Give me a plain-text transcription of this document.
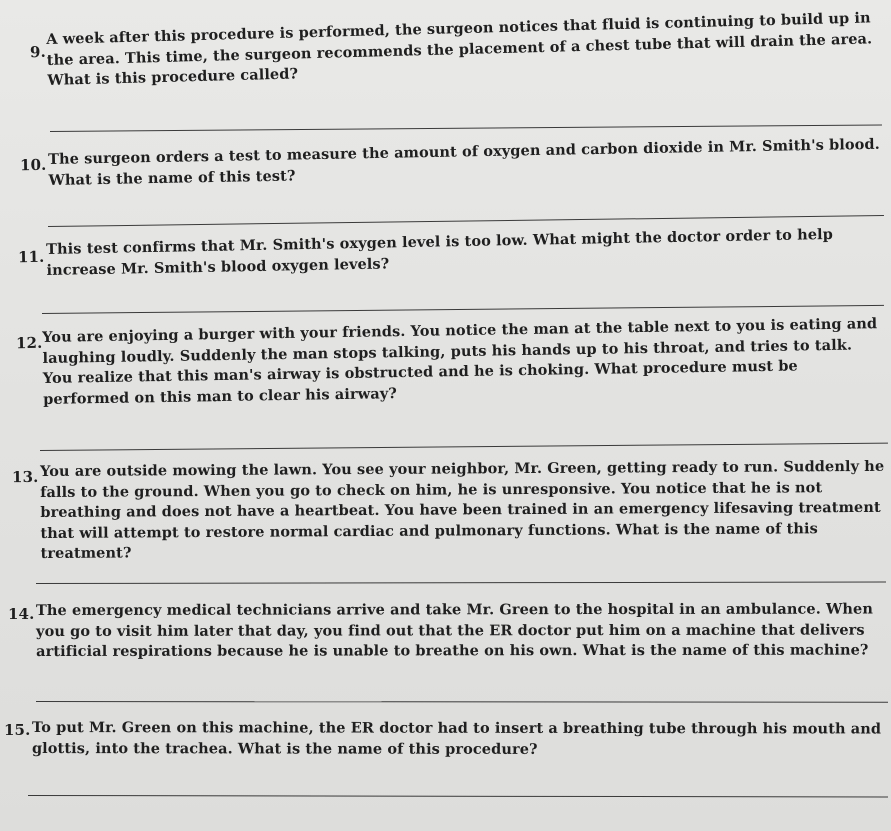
9.
A week after this procedure is performed, the surgeon notices that fluid is continuing to build up in the area. This time, the surgeon recommends the placement of a chest tube that will drain the area. What is this procedure called?
10. The surgeon orders a test to measure the amount of oxygen and carbon dioxide in Mr. Smith's blood. What is the name of this test?
11. This test confirms that Mr. Smith's oxygen level is too low. What might the doctor order to help increase Mr. Smith's blood oxygen levels?
12. You are enjoying a burger with your friends. You notice the man at the table next to you is eating and laughing loudly. Suddenly the man stops talking, puts his hands up to his throat, and tries to talk. You realize that this man's airway is obstructed and he is choking. What procedure must be performed on this man to clear his airway?
13. You are outside mowing the lawn. You see your neighbor, Mr. Green, getting ready to run. Suddenly he falls to the ground. When you go to check on him, he is unresponsive. You notice that he is not breathing and does not have a heartbeat. You have been trained in an emergency lifesaving treatment that will attempt to restore normal cardiac and pulmonary functions. What is the name of this treatment?
14. The emergency medical technicians arrive and take Mr. Green to the hospital in an ambulance. When you go to visit him later that day, you find out that the ER doctor put him on a machine that delivers artificial respirations because he is unable to breathe on his own. What is the name of this machine?
15. To put Mr. Green on this machine, the ER doctor had to insert a breathing tube through his mouth and glottis, into the trachea. What is the name of this procedure?
